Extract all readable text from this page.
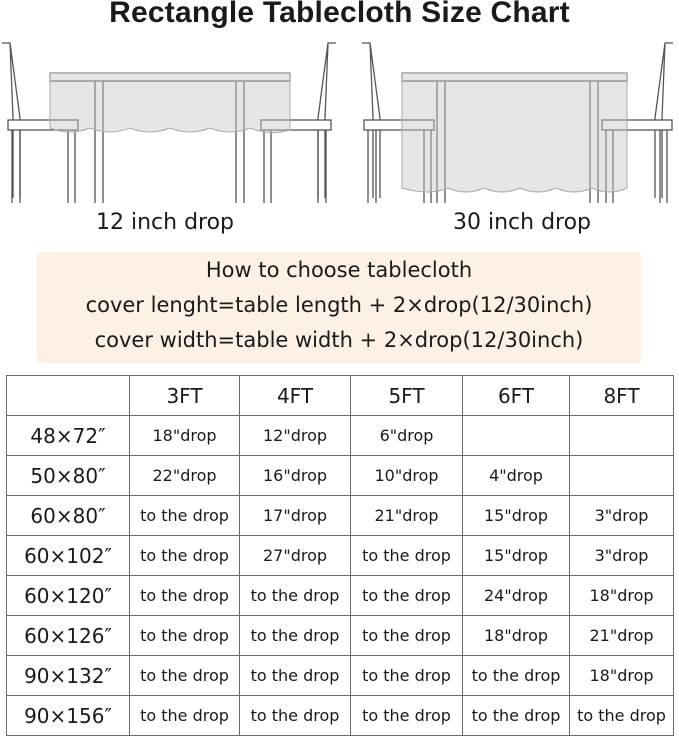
Rectangle Tablecloth Size Chart
12 inch drop	30 inch drop
How to choose tablecloth
cover lenght=table length + 2×drop(12/30inch)
cover width=table width + 2×drop(12/30inch)
	3FT	4FT	5FT	6FT	8FT
48×72″	18"drop	12"drop	6"drop		
50×80″	22"drop	16"drop	10"drop	4"drop	
60×80″	to the drop	17"drop	21"drop	15"drop	3"drop
60×102″	to the drop	27"drop	to the drop	15"drop	3"drop
60×120″	to the drop	to the drop	to the drop	24"drop	18"drop
60×126″	to the drop	to the drop	to the drop	18"drop	21"drop
90×132″	to the drop	to the drop	to the drop	to the drop	18"drop
90×156″	to the drop	to the drop	to the drop	to the drop	to the drop
